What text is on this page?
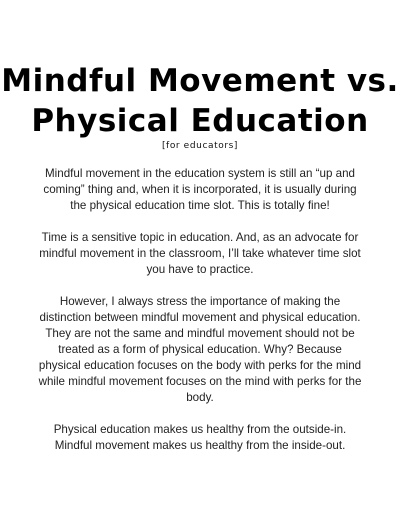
Mindful Movement vs.
Physical Education
[for educators]

Mindful movement in the education system is still an “up and coming” thing and, when it is incorporated, it is usually during the physical education time slot. This is totally fine!

Time is a sensitive topic in education. And, as an advocate for mindful movement in the classroom, I’ll take whatever time slot you have to practice.

However, I always stress the importance of making the distinction between mindful movement and physical education. They are not the same and mindful movement should not be treated as a form of physical education. Why? Because physical education focuses on the body with perks for the mind while mindful movement focuses on the mind with perks for the body.

Physical education makes us healthy from the outside-in. Mindful movement makes us healthy from the inside-out.
